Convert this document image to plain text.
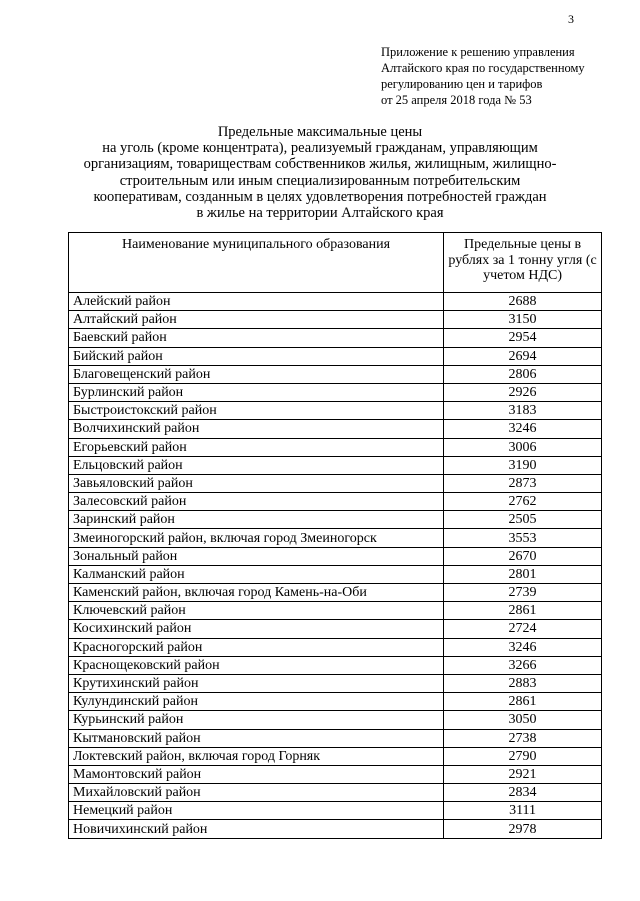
3
Приложение к решению управления
Алтайского края по государственному
регулированию цен и тарифов
от 25 апреля 2018 года № 53
Предельные максимальные цены
на уголь (кроме концентрата), реализуемый гражданам, управляющим
организациям, товариществам собственников жилья, жилищным, жилищно-
строительным или иным специализированным потребительским
кооперативам, созданным в целях удовлетворения потребностей граждан
в жилье на территории Алтайского края
Наименование муниципального образования	Предельные цены в рублях за 1 тонну угля (с учетом НДС)
Алейский район	2688
Алтайский район	3150
Баевский район	2954
Бийский район	2694
Благовещенский район	2806
Бурлинский район	2926
Быстроистокский район	3183
Волчихинский район	3246
Егорьевский район	3006
Ельцовский район	3190
Завьяловский район	2873
Залесовский район	2762
Заринский район	2505
Змеиногорский район, включая город Змеиногорск	3553
Зональный район	2670
Калманский район	2801
Каменский район, включая город Камень-на-Оби	2739
Ключевский район	2861
Косихинский район	2724
Красногорский район	3246
Краснощековский район	3266
Крутихинский район	2883
Кулундинский район	2861
Курьинский район	3050
Кытмановский район	2738
Локтевский район, включая город Горняк	2790
Мамонтовский район	2921
Михайловский район	2834
Немецкий район	3111
Новичихинский район	2978
